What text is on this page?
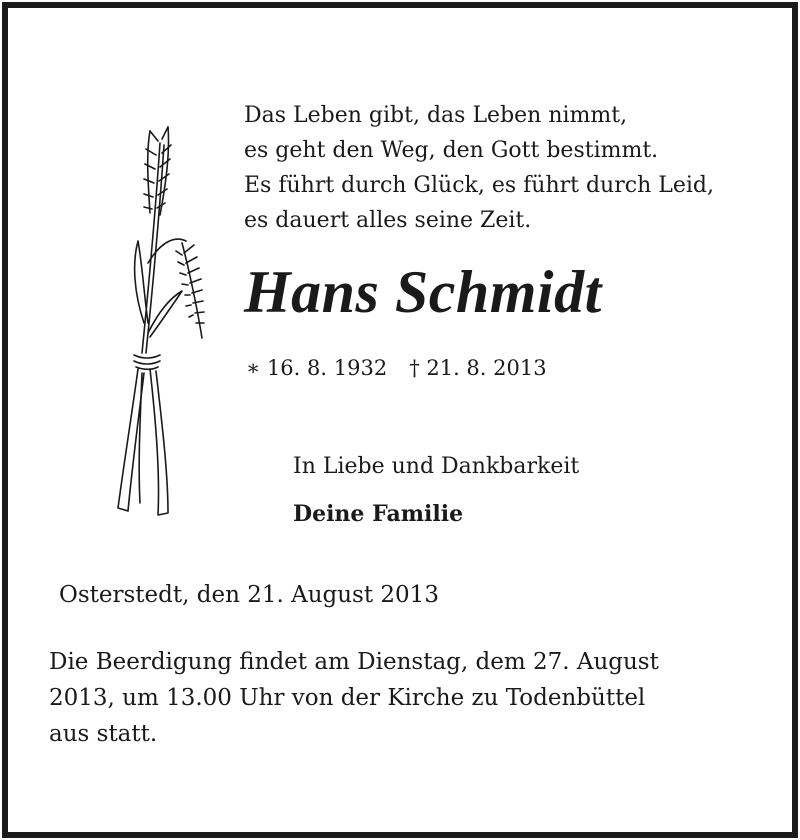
Das Leben gibt, das Leben nimmt,
es geht den Weg, den Gott bestimmt.
Es führt durch Glück, es führt durch Leid,
es dauert alles seine Zeit.
Hans Schmidt
∗ 16. 8. 1932 † 21. 8. 2013
In Liebe und Dankbarkeit
Deine Familie
Osterstedt, den 21. August 2013
Die Beerdigung findet am Dienstag, dem 27. August
2013, um 13.00 Uhr von der Kirche zu Todenbüttel
aus statt.
